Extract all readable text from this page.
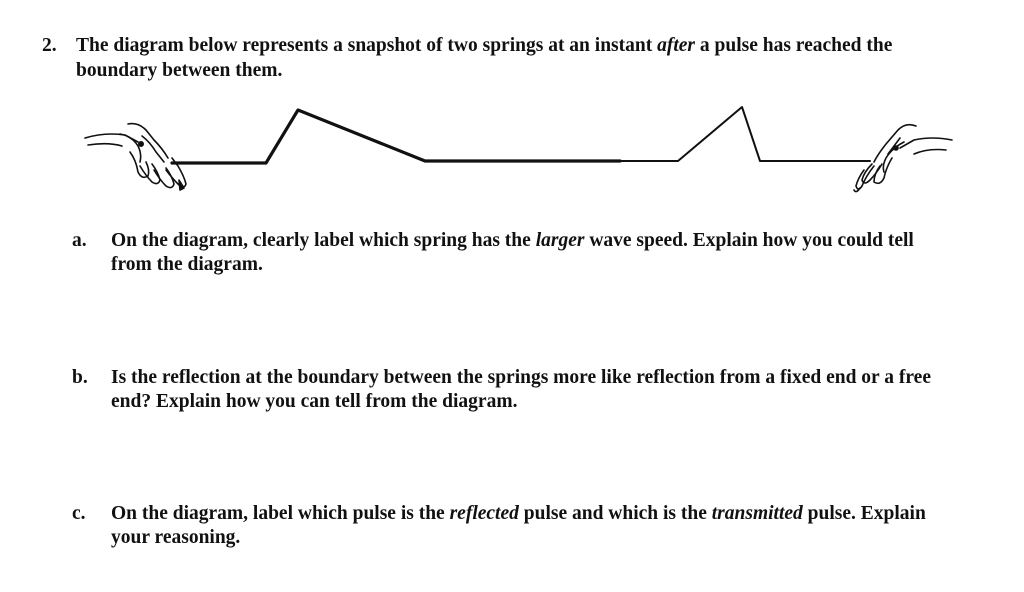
2. The diagram below represents a snapshot of two springs at an instant after a pulse has reached the boundary between them.
a. On the diagram, clearly label which spring has the larger wave speed. Explain how you could tell from the diagram.
b. Is the reflection at the boundary between the springs more like reflection from a fixed end or a free end? Explain how you can tell from the diagram.
c. On the diagram, label which pulse is the reflected pulse and which is the transmitted pulse. Explain your reasoning.
